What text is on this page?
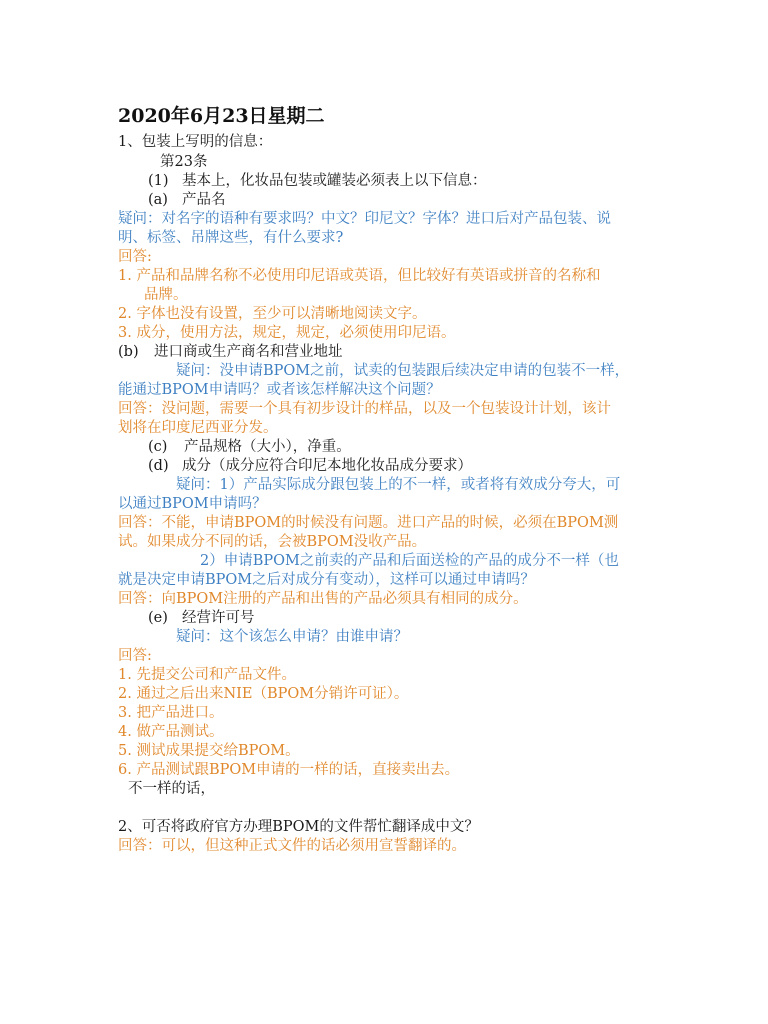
2020年6月23日星期二
1、包装上写明的信息：
第23条
(1) 基本上，化妆品包装或罐装必须表上以下信息：
(a) 产品名
疑问：对名字的语种有要求吗？中文？印尼文？字体？进口后对产品包装、说
明、标签、吊牌这些，有什么要求?
回答:
1. 产品和品牌名称不必使用印尼语或英语，但比较好有英语或拼音的名称和
品牌。
2. 字体也没有设置，至少可以清晰地阅读文字。
3. 成分，使用方法，规定，规定，必须使用印尼语。
(b) 进口商或生产商名和营业地址
疑问：没申请BPOM之前，试卖的包装跟后续决定申请的包装不一样，
能通过BPOM申请吗？或者该怎样解决这个问题？
回答：没问题，需要一个具有初步设计的样品，以及一个包装设计计划，该计
划将在印度尼西亚分发。
(c) 产品规格（大小），净重。
(d) 成分（成分应符合印尼本地化妆品成分要求）
疑问：1）产品实际成分跟包装上的不一样，或者将有效成分夸大，可
以通过BPOM申请吗？
回答：不能，申请BPOM的时候没有问题。进口产品的时候，必须在BPOM测
试。如果成分不同的话，会被BPOM没收产品。
2）申请BPOM之前卖的产品和后面送检的产品的成分不一样（也
就是决定申请BPOM之后对成分有变动），这样可以通过申请吗？
回答：向BPOM注册的产品和出售的产品必须具有相同的成分。
(e) 经营许可号
疑问：这个该怎么申请？由谁申请？
回答:
1. 先提交公司和产品文件。
2. 通过之后出来NIE（BPOM分销许可证）。
3. 把产品进口。
4. 做产品测试。
5. 测试成果提交给BPOM。
6. 产品测试跟BPOM申请的一样的话，直接卖出去。
不一样的话，
2、可否将政府官方办理BPOM的文件帮忙翻译成中文？
回答：可以，但这种正式文件的话必须用宣誓翻译的。
